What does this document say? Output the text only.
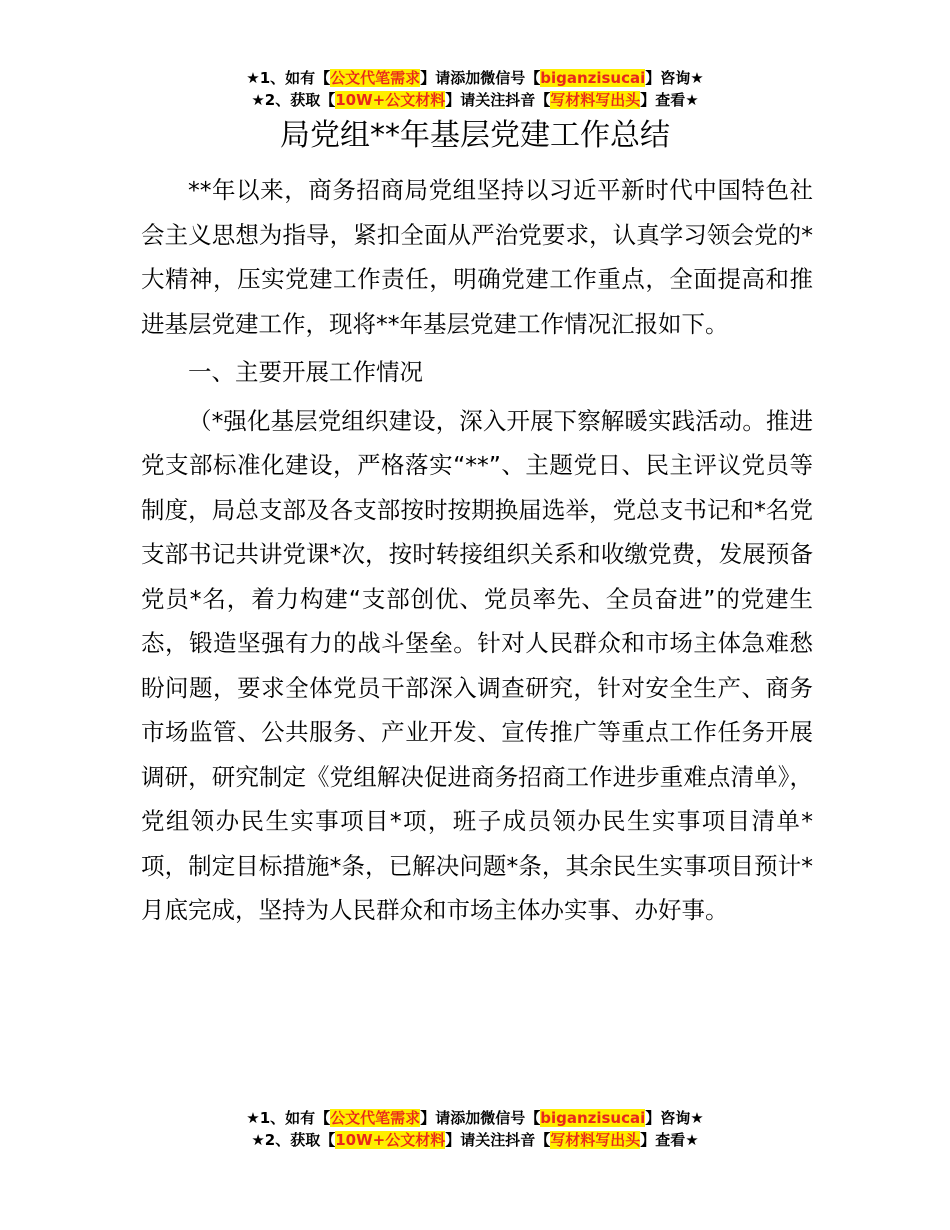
★1、如有【公文代笔需求】请添加微信号【biganzisucai】咨询★
★2、获取【10W+公文材料】请关注抖音【写材料写出头】查看★
局党组**年基层党建工作总结

**年以来，商务招商局党组坚持以习近平新时代中国特色社会主义思想为指导，紧扣全面从严治党要求，认真学习领会党的*大精神，压实党建工作责任，明确党建工作重点，全面提高和推进基层党建工作，现将**年基层党建工作情况汇报如下。

一、主要开展工作情况

（*强化基层党组织建设，深入开展下察解暖实践活动。推进党支部标准化建设，严格落实“**”、主题党日、民主评议党员等制度，局总支部及各支部按时按期换届选举，党总支书记和*名党支部书记共讲党课*次，按时转接组织关系和收缴党费，发展预备党员*名，着力构建“支部创优、党员率先、全员奋进”的党建生态，锻造坚强有力的战斗堡垒。针对人民群众和市场主体急难愁盼问题，要求全体党员干部深入调查研究，针对安全生产、商务市场监管、公共服务、产业开发、宣传推广等重点工作任务开展调研，研究制定《党组解决促进商务招商工作进步重难点清单》，党组领办民生实事项目*项，班子成员领办民生实事项目清单*项，制定目标措施*条，已解决问题*条，其余民生实事项目预计*月底完成，坚持为人民群众和市场主体办实事、办好事。

★1、如有【公文代笔需求】请添加微信号【biganzisucai】咨询★
★2、获取【10W+公文材料】请关注抖音【写材料写出头】查看★
